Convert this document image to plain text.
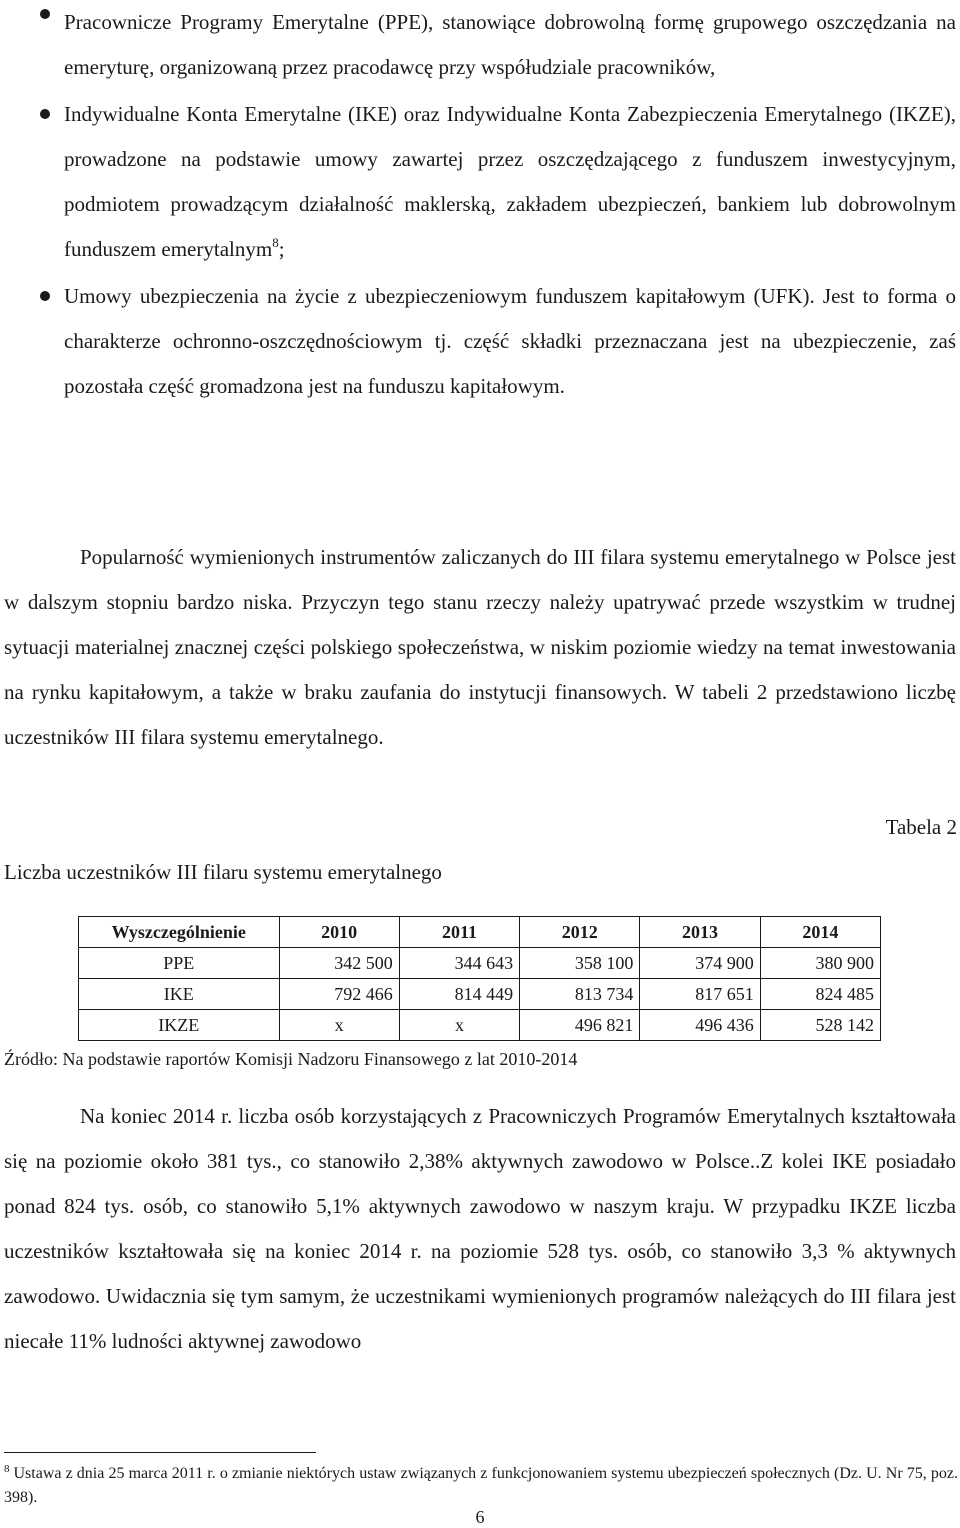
Pracownicze Programy Emerytalne (PPE), stanowiące dobrowolną formę grupowego oszczędzania na emeryturę, organizowaną przez pracodawcę przy współudziale pracowników,
Indywidualne Konta Emerytalne (IKE) oraz Indywidualne Konta Zabezpieczenia Emerytalnego (IKZE), prowadzone na podstawie umowy zawartej przez oszczędzającego z funduszem inwestycyjnym, podmiotem prowadzącym działalność maklerską, zakładem ubezpieczeń, bankiem lub dobrowolnym funduszem emerytalnym$^8$;
Umowy ubezpieczenia na życie z ubezpieczeniowym funduszem kapitałowym (UFK). Jest to forma o charakterze ochronno-oszczędnościowym tj. część składki przeznaczana jest na ubezpieczenie, zaś pozostała część gromadzona jest na funduszu kapitałowym.

Popularność wymienionych instrumentów zaliczanych do III filara systemu emerytalnego w Polsce jest w dalszym stopniu bardzo niska. Przyczyn tego stanu rzeczy należy upatrywać przede wszystkim w trudnej sytuacji materialnej znacznej części polskiego społeczeństwa, w niskim poziomie wiedzy na temat inwestowania na rynku kapitałowym, a także w braku zaufania do instytucji finansowych. W tabeli 2 przedstawiono liczbę uczestników III filara systemu emerytalnego.

Tabela 2

Liczba uczestników III filaru systemu emerytalnego

Wyszczególnienie	2010	2011	2012	2013	2014
PPE	342 500	344 643	358 100	374 900	380 900
IKE	792 466	814 449	813 734	817 651	824 485
IKZE	x	x	496 821	496 436	528 142

Źródło: Na podstawie raportów Komisji Nadzoru Finansowego z lat 2010-2014

Na koniec 2014 r. liczba osób korzystających z Pracowniczych Programów Emerytalnych kształtowała się na poziomie około 381 tys., co stanowiło 2,38% aktywnych zawodowo w Polsce..Z kolei IKE posiadało ponad 824 tys. osób, co stanowiło 5,1% aktywnych zawodowo w naszym kraju. W przypadku IKZE liczba uczestników kształtowała się na koniec 2014 r. na poziomie 528 tys. osób, co stanowiło 3,3 % aktywnych zawodowo. Uwidacznia się tym samym, że uczestnikami wymienionych programów należących do III filara jest niecałe 11% ludności aktywnej zawodowo

$^8$ Ustawa z dnia 25 marca 2011 r. o zmianie niektórych ustaw związanych z funkcjonowaniem systemu ubezpieczeń społecznych (Dz. U. Nr 75, poz. 398).

6
